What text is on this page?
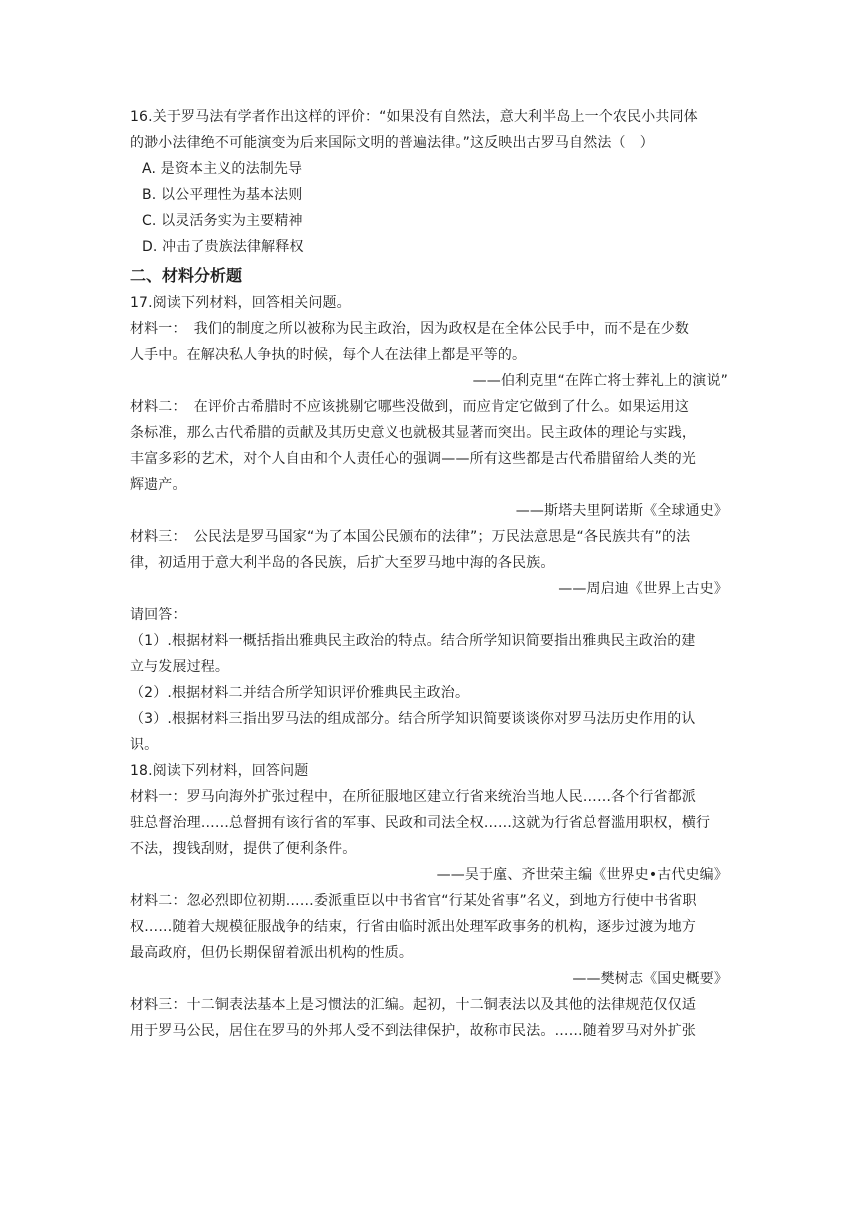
16.关于罗马法有学者作出这样的评价：“如果没有自然法，意大利半岛上一个农民小共同体
的渺小法律绝不可能演变为后来国际文明的普遍法律。”这反映出古罗马自然法（　）
A. 是资本主义的法制先导
B. 以公平理性为基本法则
C. 以灵活务实为主要精神
D. 冲击了贵族法律解释权
二、材料分析题
17.阅读下列材料，回答相关问题。
材料一：　我们的制度之所以被称为民主政治，因为政权是在全体公民手中，而不是在少数
人手中。在解决私人争执的时候，每个人在法律上都是平等的。
——伯利克里“在阵亡将士葬礼上的演说”
材料二：　在评价古希腊时不应该挑剔它哪些没做到，而应肯定它做到了什么。如果运用这
条标准，那么古代希腊的贡献及其历史意义也就极其显著而突出。民主政体的理论与实践，
丰富多彩的艺术，对个人自由和个人责任心的强调——所有这些都是古代希腊留给人类的光
辉遗产。
——斯塔夫里阿诺斯《全球通史》
材料三：　公民法是罗马国家“为了本国公民颁布的法律”；万民法意思是“各民族共有”的法
律，初适用于意大利半岛的各民族，后扩大至罗马地中海的各民族。
——周启迪《世界上古史》
请回答：
（1）.根据材料一概括指出雅典民主政治的特点。结合所学知识简要指出雅典民主政治的建
立与发展过程。
（2）.根据材料二并结合所学知识评价雅典民主政治。
（3）.根据材料三指出罗马法的组成部分。结合所学知识简要谈谈你对罗马法历史作用的认
识。
18.阅读下列材料，回答问题
材料一：罗马向海外扩张过程中，在所征服地区建立行省来统治当地人民……各个行省都派
驻总督治理……总督拥有该行省的军事、民政和司法全权……这就为行省总督滥用职权，横行
不法，搜钱刮财，提供了便利条件。
——吴于廑、齐世荣主编《世界史•古代史编》
材料二：忽必烈即位初期……委派重臣以中书省官“行某处省事”名义，到地方行使中书省职
权……随着大规模征服战争的结束，行省由临时派出处理军政事务的机构，逐步过渡为地方
最高政府，但仍长期保留着派出机构的性质。
——樊树志《国史概要》
材料三：十二铜表法基本上是习惯法的汇编。起初，十二铜表法以及其他的法律规范仅仅适
用于罗马公民，居住在罗马的外邦人受不到法律保护，故称市民法。……随着罗马对外扩张
